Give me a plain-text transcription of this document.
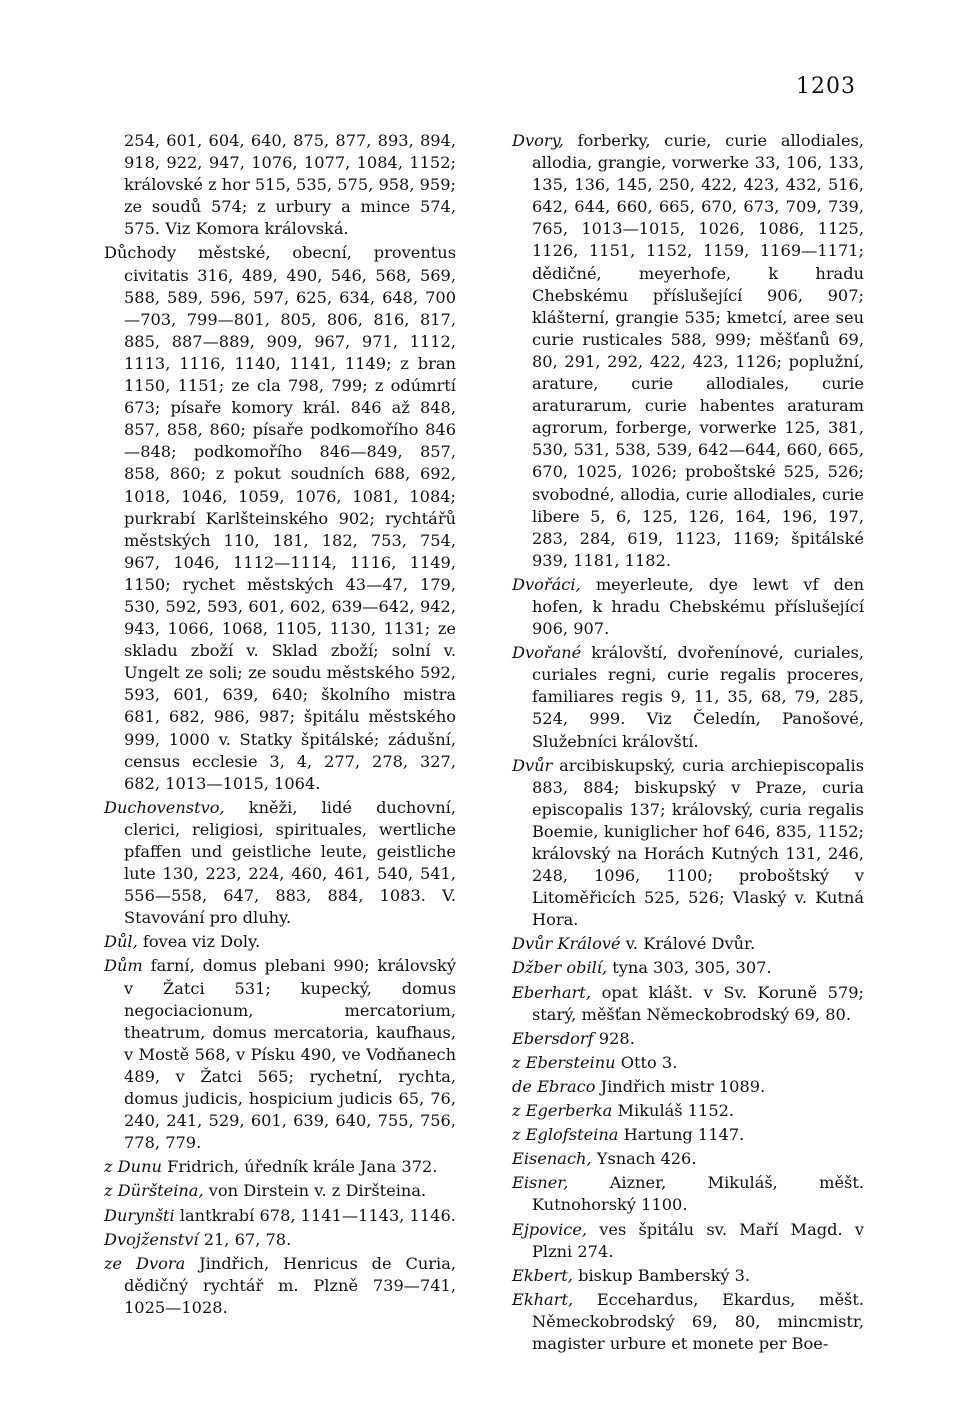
1203

254, 601, 604, 640, 875, 877, 893, 894, 918, 922, 947, 1076, 1077, 1084, 1152; královské z hor 515, 535, 575, 958, 959; ze soudů 574; z urbury a mince 574, 575. Viz Komora královská.

Důchody městské, obecní, proventus civitatis 316, 489, 490, 546, 568, 569, 588, 589, 596, 597, 625, 634, 648, 700—703, 799—801, 805, 806, 816, 817, 885, 887—889, 909, 967, 971, 1112, 1113, 1116, 1140, 1141, 1149; z bran 1150, 1151; ze cla 798, 799; z odúmrtí 673; písaře komory král. 846 až 848, 857, 858, 860; písaře podkomořího 846—848; podkomořího 846—849, 857, 858, 860; z pokut soudních 688, 692, 1018, 1046, 1059, 1076, 1081, 1084; purkrabí Karlšteinského 902; rychtářů městských 110, 181, 182, 753, 754, 967, 1046, 1112—1114, 1116, 1149, 1150; rychet městských 43—47, 179, 530, 592, 593, 601, 602, 639—642, 942, 943, 1066, 1068, 1105, 1130, 1131; ze skladu zboží v. Sklad zboží; solní v. Ungelt ze soli; ze soudu městského 592, 593, 601, 639, 640; školního mistra 681, 682, 986, 987; špitálu městského 999, 1000 v. Statky špitálské; zádušní, census ecclesie 3, 4, 277, 278, 327, 682, 1013—1015, 1064.

Duchovenstvo, kněži, lidé duchovní, clerici, religiosi, spirituales, wertliche pfaffen und geistliche leute, geistliche lute 130, 223, 224, 460, 461, 540, 541, 556—558, 647, 883, 884, 1083. V. Stavování pro dluhy.

Důl, fovea viz Doly.

Dům farní, domus plebani 990; královský v Žatci 531; kupecký, domus negociacionum, mercatorium, theatrum, domus mercatoria, kaufhaus, v Mostě 568, v Písku 490, ve Vodňanech 489, v Žatci 565; rychetní, rychta, domus judicis, hospicium judicis 65, 76, 240, 241, 529, 601, 639, 640, 755, 756, 778, 779.

z Dunu Fridrich, úředník krále Jana 372.

z Düršteina, von Dirstein v. z Diršteina.

Durynšti lantkrabí 678, 1141—1143, 1146.

Dvojženství 21, 67, 78.

ze Dvora Jindřich, Henricus de Curia, dědičný rychtář m. Plzně 739—741, 1025—1028.

Dvory, forberky, curie, curie allodiales, allodia, grangie, vorwerke 33, 106, 133, 135, 136, 145, 250, 422, 423, 432, 516, 642, 644, 660, 665, 670, 673, 709, 739, 765, 1013—1015, 1026, 1086, 1125, 1126, 1151, 1152, 1159, 1169—1171; dědičné, meyerhofe, k hradu Chebskému příslušející 906, 907; klášterní, grangie 535; kmetcí, aree seu curie rusticales 588, 999; měšťanů 69, 80, 291, 292, 422, 423, 1126; poplužní, arature, curie allodiales, curie araturarum, curie habentes araturam agrorum, forberge, vorwerke 125, 381, 530, 531, 538, 539, 642—644, 660, 665, 670, 1025, 1026; proboštské 525, 526; svobodné, allodia, curie allodiales, curie libere 5, 6, 125, 126, 164, 196, 197, 283, 284, 619, 1123, 1169; špitálské 939, 1181, 1182.

Dvořáci, meyerleute, dye lewt vf den hofen, k hradu Chebskému příslušející 906, 907.

Dvořané královští, dvořenínové, curiales, curiales regni, curie regalis proceres, familiares regis 9, 11, 35, 68, 79, 285, 524, 999. Viz Čeledín, Panošové, Služebníci královští.

Dvůr arcibiskupský, curia archiepiscopalis 883, 884; biskupský v Praze, curia episcopalis 137; královský, curia regalis Boemie, kuniglicher hof 646, 835, 1152; královský na Horách Kutných 131, 246, 248, 1096, 1100; proboštský v Litoměřicích 525, 526; Vlaský v. Kutná Hora.

Dvůr Králové v. Králové Dvůr.

Džber obilí, tyna 303, 305, 307.

Eberhart, opat klášt. v Sv. Koruně 579; starý, měšťan Německobrodský 69, 80.

Ebersdorf 928.

z Ebersteinu Otto 3.

de Ebraco Jindřich mistr 1089.

z Egerberka Mikuláš 1152.

z Eglofsteina Hartung 1147.

Eisenach, Ysnach 426.

Eisner, Aizner, Mikuláš, měšt. Kutnohorský 1100.

Ejpovice, ves špitálu sv. Maří Magd. v Plzni 274.

Ekbert, biskup Bamberský 3.

Ekhart, Eccehardus, Ekardus, měšt. Německobrodský 69, 80, mincmistr, magister urbure et monete per Boe-
